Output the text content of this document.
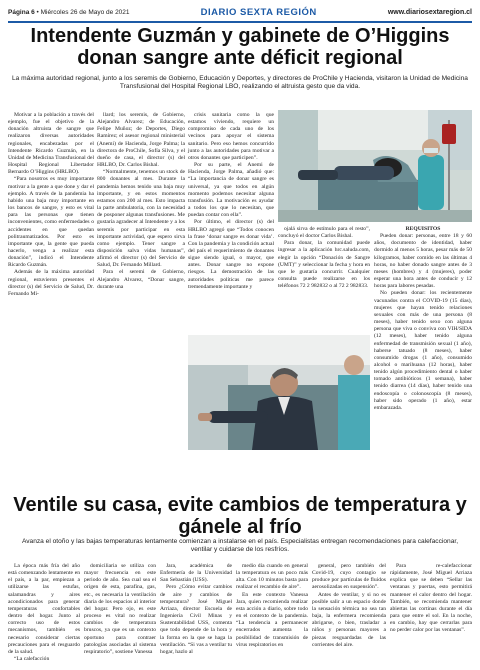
Página 6 • Miércoles 26 de Mayo de 2021	DIARIO SEXTA REGIÓN	www.diariosextaregion.cl
Intendente Guzmán y gabinete de O’Higgins donan sangre ante déficit regional
La máxima autoridad regional, junto a los seremis de Gobierno, Educación y Deportes, y directores de ProChile y Hacienda, visitaron la Unidad de Medicina Transfusional del Hospital Regional LBO, realizando el altruista gesto que da vida.

Motivar a la población a través del ejemplo, fue el objetivo de la donación altruista de sangre que realizaron diversas autoridades regionales, encabezadas por el Intendente Ricardo Guzmán, en la Unidad de Medicina Transfusional del Hospital Regional Libertador Bernardo O’Higgins (HRLBO).

“Para nosotros es muy importante motivar a la gente a que done y dar el ejemplo. A través de la pandemia ha habido una baja muy importante en los bancos de sangre, y esto es vital para las personas que tienen inconvenientes, como enfermedades o accidentes en que quedan politraumatizados. Por esto es importante que, la gente que pueda hacerlo, venga a realizar esta donación”, indicó el Intendente Ricardo Guzmán.

Además de la máxima autoridad regional, estuvieron presentes el director (s) del Servicio de Salud, Dr. Fernando Mi-

llard; los seremis, de Gobierno, Alejandro Alvarez; de Educación, Felipe Muñoz; de Deportes, Diego Ramírez; el asesor regional ministerial (Anemi) de Hacienda, Jorge Palma; la directora de ProChile, Sofía Silva, y el dueño de casa, el director (s) del HRLBO, Dr. Carlos Bishal.

“Normalmente, tenemos un stock de 800 donantes al mes. Durante la pandemia hemos tenido una baja muy importante, y en estos momentos estamos con 200 al mes. Esto impacta la parte ambulatoria, con la necesidad de posponer algunas transfusiones. Me gustaría agradecer al Intendente y a los seremis por participar en esta importante actividad, que espero sirva como ejemplo. Tener sangre a disposición salva vidas humanas”, afirmó el director (s) del Servicio de Salud, Dr. Fernando Millard.

Para el seremi de Gobierno, Alejandro Alvarez, “Donar sangre, durante una

crisis sanitaria como la que estamos viviendo, requiere un compromiso de cada uno de los vecinos para apoyar el sistema sanitario. Pero eso hemos concurrido junto a las autoridades para motivar a otros donantes que participen”.

Por su parte, el Anemi de Hacienda, Jorge Palma, añadió que: “La importancia de donar sangre es universal, ya que todos en algún momento podemos necesitar alguna transfusión. La motivación es ayudar a todos los que lo necesitan, que puedan contar con ella”.

Por último, el director (s) del HRLBO agregó que “Todos conocen la frase ‘donar sangre es donar vida’. Con la pandemia y la condición actual del país el requerimiento de donantes sigue siendo igual, o mayor, que antes. Donar sangre no expone riesgos. La demostración de las autoridades políticas me parece tremendamente importante y

ojalá sirva de estímulo para el resto”, concluyó el doctor Carlos Bishal.

Para donar, la comunidad puede ingresar a la aplicación hrc.saluda.com, elegir la opción “Donación de Sangre (UMT)” y seleccionar la fecha y hora en que le gustaría concurrir. Cualquier consulta puede realizarse en los teléfonos 72 2 982832 o al 72 2 982833.

REQUISITOS

Pueden donar: personas, entre 18 y 60 años, documento de identidad, haber dormido al menos 5 horas, pesar más de 50 kilogramos, haber comido en las últimas 4 horas, no haber donado sangre antes de 3 meses (hombres) y 4 (mujeres), poder esperar una hora antes de conducir y 12 horas para labores pesadas.

No pueden donar: los recientemente vacunados contra el COVID-19 (15 días), mujeres que hayan tenido relaciones sexuales con más de una persona (8 meses), haber tenido sexo con alguna persona que viva o conviva con VIH/SIDA (12 meses), haber tenido alguna enfermedad de transmisión sexual (1 año), haberse tatuado (8 meses), haber consumido drogas (1 año), consumido alcohol o marihuana (12 horas), haber tenido algún procedimiento dental o haber tomado antibióticos (1 semana), haber tenido diarrea (14 días), haber tenido una endoscopía o colonoscopía (8 meses), haber sido operado (1 año), estar embarazada.

Ventile su casa, evite cambios de temperatura y gánele al frío
Avanza el otoño y las bajas temperaturas lentamente comienzan a instalarse en el país. Especialistas entregan recomendaciones para calefaccionar, ventilar y cuidarse de los resfríos.

La época más fría del año está comenzando lentamente en el país, a la par, empiezan a utilizarse las estufas, salamandras y aires acondicionados para generar temperaturas confortables dentro del hogar. Junto al correcto uso de estos mecanismos, también es necesario considerar ciertas precauciones para el resguardo de la salud.

“La calefacción

domiciliaria se utiliza con mayor frecuencia en este periodo de año. Sea cual sea el origen de esta, parafina, gas, etc., es necesaria la ventilación diaria de los espacios al interior del hogar. Pero ojo, es este proceso es vital no realizar cambios de temperatura bruscos, ya que es un contexto oportuno para contraer patologías asociadas al sistema respiratorio”, sostiene Vanessa

Jara, académica de Enfermería de la Universidad San Sebastián (USS).

Pero ¿Cómo evitar cambios de aire y cambios de temperatura? José Miguel Arriaza, director Escuela de Ingeniería Civil Minas y Sustentabilidad USS, comenta que todo depende de la hora y la forma en la que se haga la ventilación. “Si vas a ventilar tu hogar, hazlo al

medio día cuando en general la temperatura es un poco más alta. Con 10 minutos basta para realizar el recambio de aire”.

En este contexto Vanessa Jara, quien recomienda realizar esta acción a diario, sobre todo en el contexto de la pandemia. “La tendencia a permanecer encerrados aumenta la posibilidad de transmisión de virus respiratorios en

general, pero también del Covid-19, cuyo contagio se produce por partículas de fluidos aerosolizadas en suspensión”.

Antes de ventilar, y si no es posible salir a un espacio donde la sensación térmica no sea tan baja, la enfermera recomienda abrigarse, o bien, trasladar a niños y personas mayores a piezas resguardadas de las corrientes del aire.

Para re-calefaccionar rápidamente, José Miguel Arriaza explica que se deben “Sellar las ventanas y puertas, esto permitirá mantener el calor dentro del hogar. También, se recomienda mantener abiertas las cortinas durante el día para que entre el sol. En la noche, en cambio, hay que cerrarlas para no perder calor por las ventanas”.
